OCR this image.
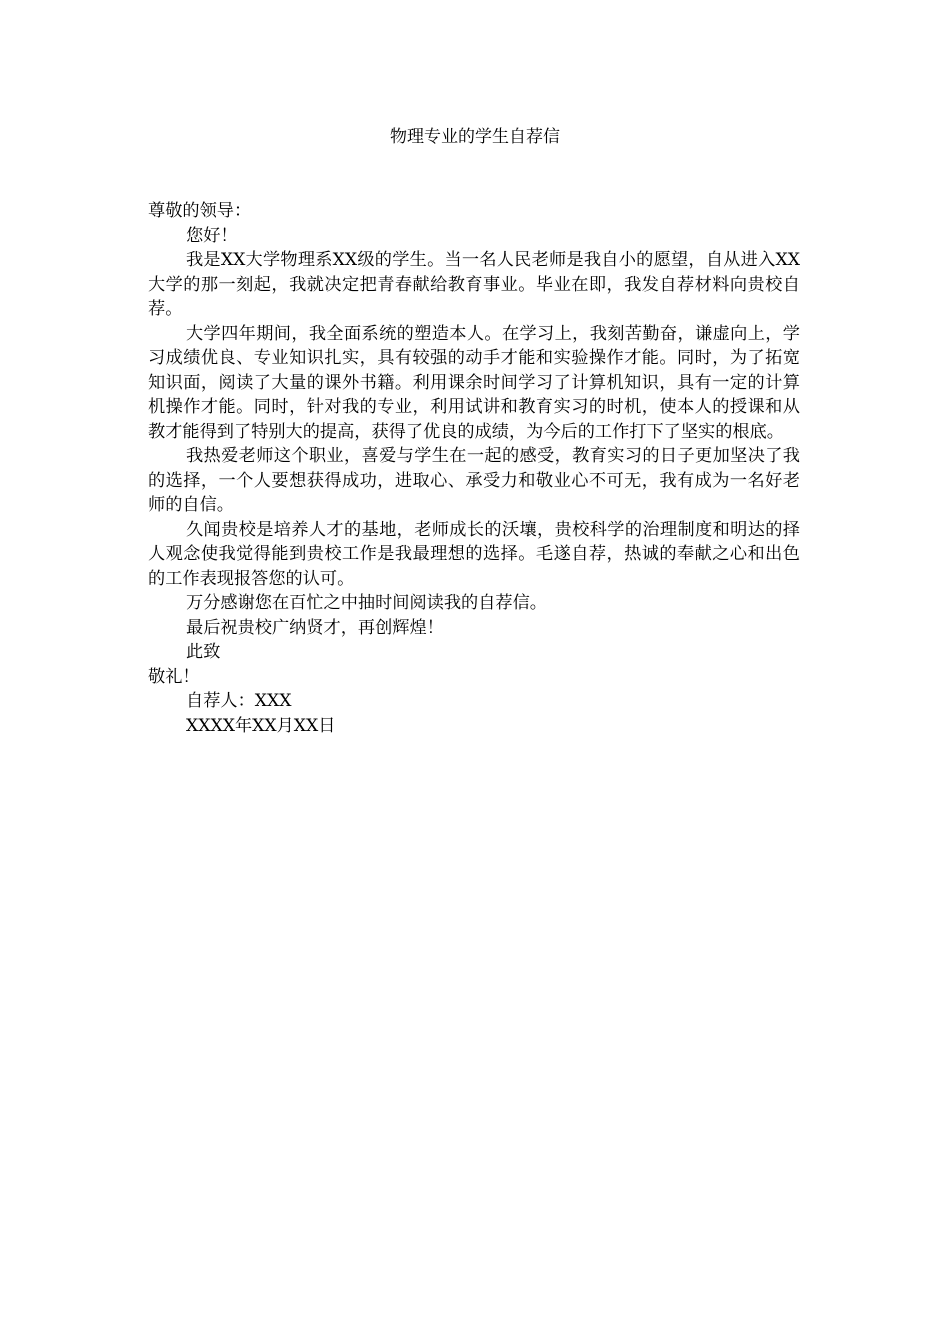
物理专业的学生自荐信

尊敬的领导：

您好！

我是XX大学物理系XX级的学生。当一名人民老师是我自小的愿望，自从进入XX大学的那一刻起，我就决定把青春献给教育事业。毕业在即，我发自荐材料向贵校自荐。

大学四年期间，我全面系统的塑造本人。在学习上，我刻苦勤奋，谦虚向上，学习成绩优良、专业知识扎实，具有较强的动手才能和实验操作才能。同时，为了拓宽知识面，阅读了大量的课外书籍。利用课余时间学习了计算机知识，具有一定的计算机操作才能。同时，针对我的专业，利用试讲和教育实习的时机，使本人的授课和从教才能得到了特别大的提高，获得了优良的成绩，为今后的工作打下了坚实的根底。

我热爱老师这个职业，喜爱与学生在一起的感受，教育实习的日子更加坚决了我的选择，一个人要想获得成功，进取心、承受力和敬业心不可无，我有成为一名好老师的自信。

久闻贵校是培养人才的基地，老师成长的沃壤，贵校科学的治理制度和明达的择人观念使我觉得能到贵校工作是我最理想的选择。毛遂自荐，热诚的奉献之心和出色的工作表现报答您的认可。

万分感谢您在百忙之中抽时间阅读我的自荐信。

最后祝贵校广纳贤才，再创辉煌！

此致

敬礼！

自荐人：XXX

XXXX年XX月XX日
